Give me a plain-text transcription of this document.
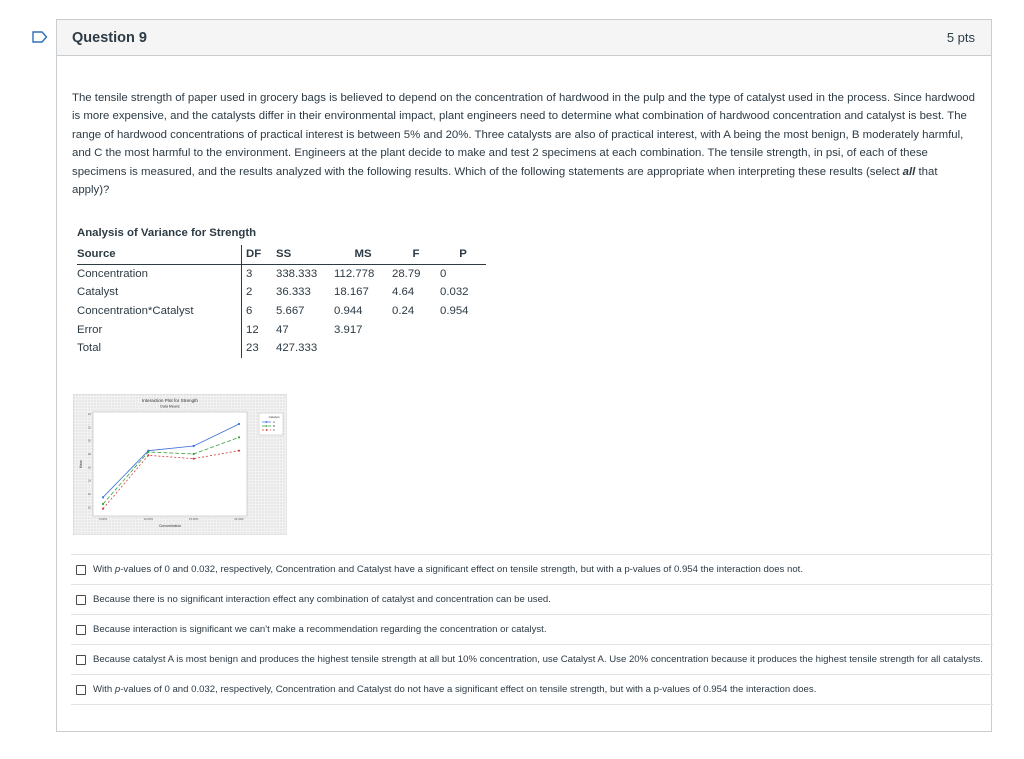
Question 9	5 pts
The tensile strength of paper used in grocery bags is believed to depend on the concentration of hardwood in the pulp and the type of catalyst used in the process. Since hardwood is more expensive, and the catalysts differ in their environmental impact, plant engineers need to determine what combination of hardwood concentration and catalyst is best. The range of hardwood concentrations of practical interest is between 5% and 20%. Three catalysts are also of practical interest, with A being the most benign, B moderately harmful, and C the most harmful to the environment. Engineers at the plant decide to make and test 2 specimens at each combination. The tensile strength, in psi, of each of these specimens is measured, and the results analyzed with the following results. Which of the following statements are appropriate when interpreting these results (select all that apply)?
Analysis of Variance for Strength
Source	DF	SS	MS	F	P
Concentration	3	338.333	112.778	28.79	0
Catalyst	2	36.333	18.167	4.64	0.032
Concentration*Catalyst	6	5.667	0.944	0.24	0.954
Error	12	47	3.917		
Total	23	427.333			
Interaction Plot for Strength
Data Means
Concentration
Mean
Catalyst
10
12
14
16
18
20
22
24
5.00%	10.00%	15.00%	20.00%
A
B
C
With p-values of 0 and 0.032, respectively, Concentration and Catalyst have a significant effect on tensile strength, but with a p-values of 0.954 the interaction does not.
Because there is no significant interaction effect any combination of catalyst and concentration can be used.
Because interaction is significant we can't make a recommendation regarding the concentration or catalyst.
Because catalyst A is most benign and produces the highest tensile strength at all but 10% concentration, use Catalyst A. Use 20% concentration because it produces the highest tensile strength for all catalysts.
With p-values of 0 and 0.032, respectively, Concentration and Catalyst do not have a significant effect on tensile strength, but with a p-values of 0.954 the interaction does.
